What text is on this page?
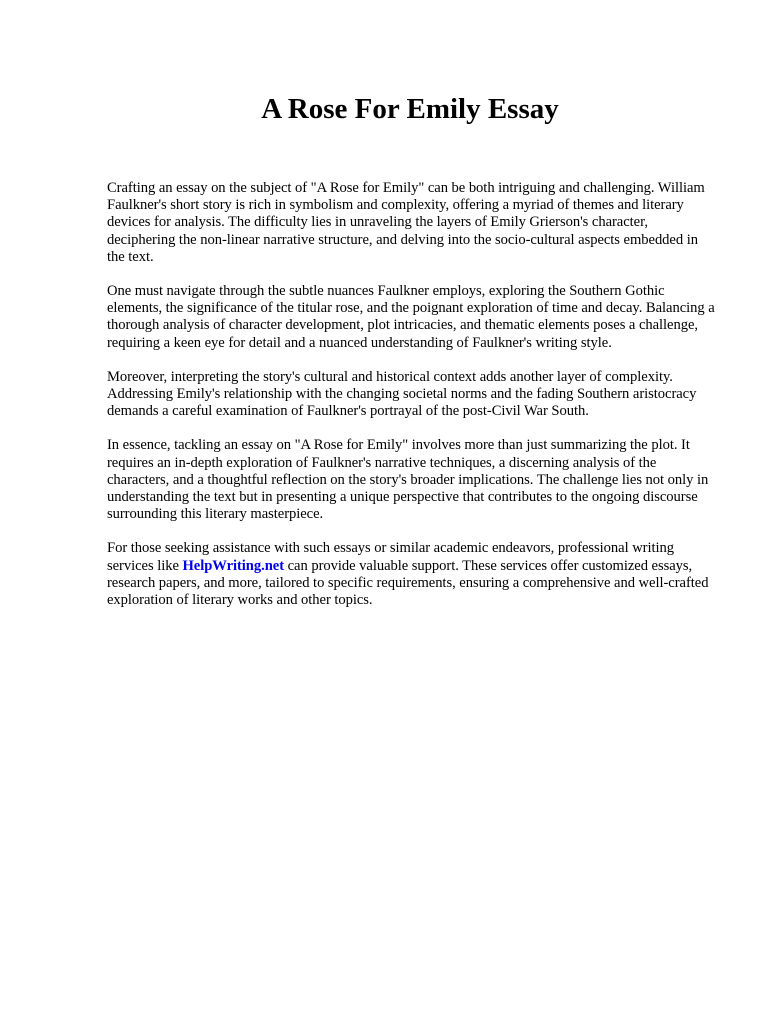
A Rose For Emily Essay

Crafting an essay on the subject of "A Rose for Emily" can be both intriguing and challenging. William Faulkner's short story is rich in symbolism and complexity, offering a myriad of themes and literary devices for analysis. The difficulty lies in unraveling the layers of Emily Grierson's character, deciphering the non-linear narrative structure, and delving into the socio-cultural aspects embedded in the text.

One must navigate through the subtle nuances Faulkner employs, exploring the Southern Gothic elements, the significance of the titular rose, and the poignant exploration of time and decay. Balancing a thorough analysis of character development, plot intricacies, and thematic elements poses a challenge, requiring a keen eye for detail and a nuanced understanding of Faulkner's writing style.

Moreover, interpreting the story's cultural and historical context adds another layer of complexity. Addressing Emily's relationship with the changing societal norms and the fading Southern aristocracy demands a careful examination of Faulkner's portrayal of the post-Civil War South.

In essence, tackling an essay on "A Rose for Emily" involves more than just summarizing the plot. It requires an in-depth exploration of Faulkner's narrative techniques, a discerning analysis of the characters, and a thoughtful reflection on the story's broader implications. The challenge lies not only in understanding the text but in presenting a unique perspective that contributes to the ongoing discourse surrounding this literary masterpiece.

For those seeking assistance with such essays or similar academic endeavors, professional writing services like HelpWriting.net can provide valuable support. These services offer customized essays, research papers, and more, tailored to specific requirements, ensuring a comprehensive and well-crafted exploration of literary works and other topics.
